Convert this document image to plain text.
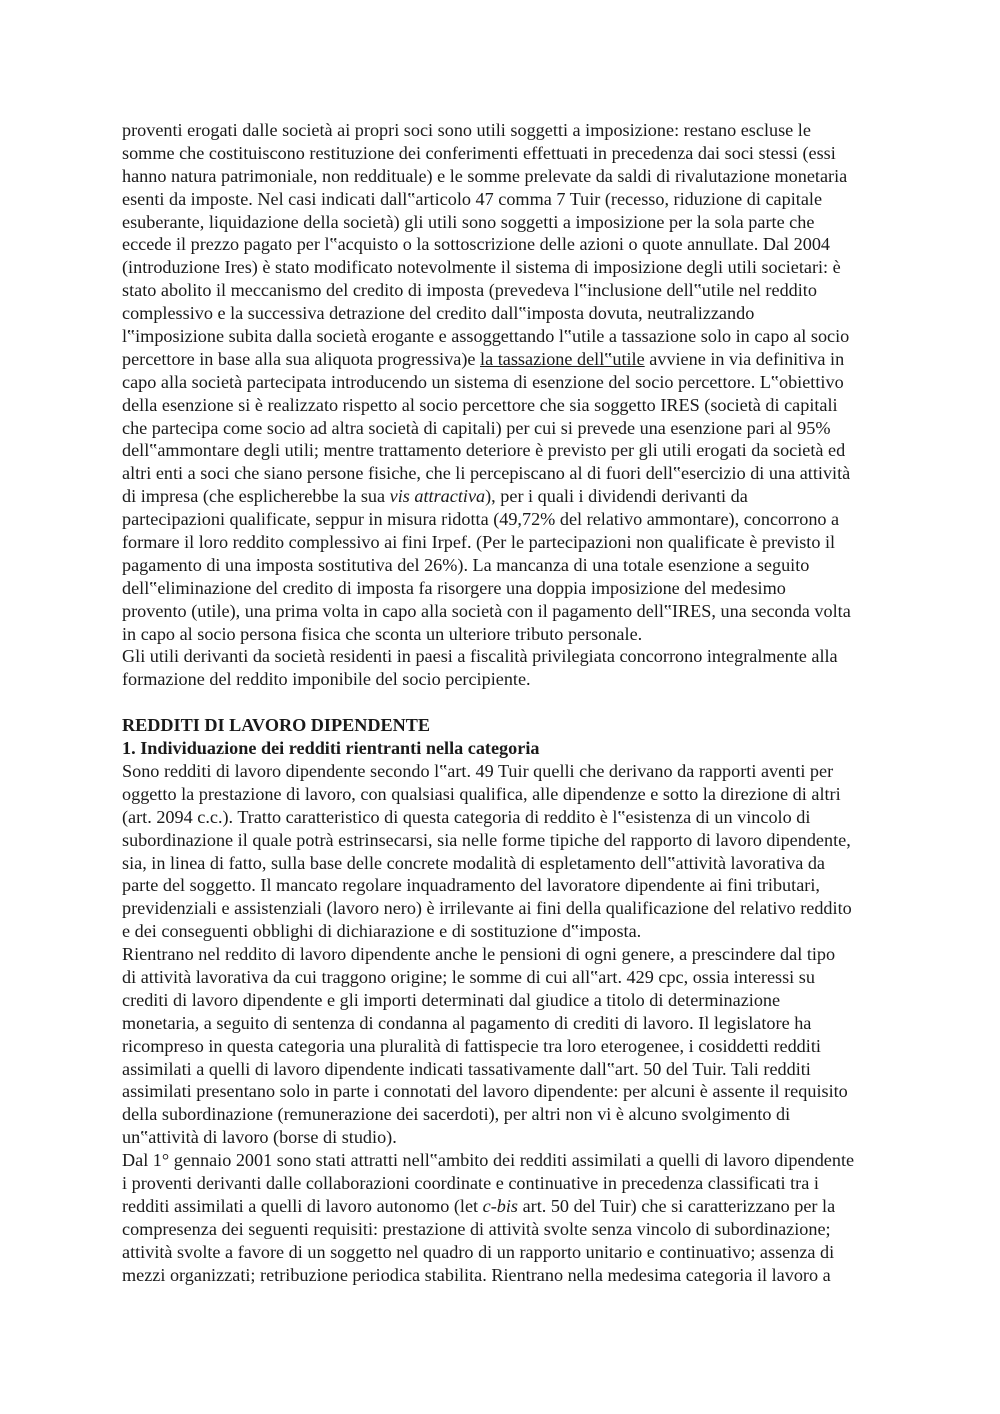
proventi erogati dalle società ai propri soci sono utili soggetti a imposizione: restano escluse le
somme che costituiscono restituzione dei conferimenti effettuati in precedenza dai soci stessi (essi
hanno natura patrimoniale, non reddituale) e le somme prelevate da saldi di rivalutazione monetaria
esenti da imposte. Nel casi indicati dall‟articolo 47 comma 7 Tuir (recesso, riduzione di capitale
esuberante, liquidazione della società) gli utili sono soggetti a imposizione per la sola parte che
eccede il prezzo pagato per l‟acquisto o la sottoscrizione delle azioni o quote annullate. Dal 2004
(introduzione Ires) è stato modificato notevolmente il sistema di imposizione degli utili societari: è
stato abolito il meccanismo del credito di imposta (prevedeva l‟inclusione dell‟utile nel reddito
complessivo e la successiva detrazione del credito dall‟imposta dovuta, neutralizzando
l‟imposizione subita dalla società erogante e assoggettando l‟utile a tassazione solo in capo al socio
percettore in base alla sua aliquota progressiva)e la tassazione dell‟utile avviene in via definitiva in
capo alla società partecipata introducendo un sistema di esenzione del socio percettore. L‟obiettivo
della esenzione si è realizzato rispetto al socio percettore che sia soggetto IRES (società di capitali
che partecipa come socio ad altra società di capitali) per cui si prevede una esenzione pari al 95%
dell‟ammontare degli utili; mentre trattamento deteriore è previsto per gli utili erogati da società ed
altri enti a soci che siano persone fisiche, che li percepiscano al di fuori dell‟esercizio di una attività
di impresa (che esplicherebbe la sua vis attractiva), per i quali i dividendi derivanti da
partecipazioni qualificate, seppur in misura ridotta (49,72% del relativo ammontare), concorrono a
formare il loro reddito complessivo ai fini Irpef. (Per le partecipazioni non qualificate è previsto il
pagamento di una imposta sostitutiva del 26%). La mancanza di una totale esenzione a seguito
dell‟eliminazione del credito di imposta fa risorgere una doppia imposizione del medesimo
provento (utile), una prima volta in capo alla società con il pagamento dell‟IRES, una seconda volta
in capo al socio persona fisica che sconta un ulteriore tributo personale.
Gli utili derivanti da società residenti in paesi a fiscalità privilegiata concorrono integralmente alla
formazione del reddito imponibile del socio percipiente.
REDDITI DI LAVORO DIPENDENTE
1. Individuazione dei redditi rientranti nella categoria
Sono redditi di lavoro dipendente secondo l‟art. 49 Tuir quelli che derivano da rapporti aventi per
oggetto la prestazione di lavoro, con qualsiasi qualifica, alle dipendenze e sotto la direzione di altri
(art. 2094 c.c.). Tratto caratteristico di questa categoria di reddito è l‟esistenza di un vincolo di
subordinazione il quale potrà estrinsecarsi, sia nelle forme tipiche del rapporto di lavoro dipendente,
sia, in linea di fatto, sulla base delle concrete modalità di espletamento dell‟attività lavorativa da
parte del soggetto. Il mancato regolare inquadramento del lavoratore dipendente ai fini tributari,
previdenziali e assistenziali (lavoro nero) è irrilevante ai fini della qualificazione del relativo reddito
e dei conseguenti obblighi di dichiarazione e di sostituzione d‟imposta.
Rientrano nel reddito di lavoro dipendente anche le pensioni di ogni genere, a prescindere dal tipo
di attività lavorativa da cui traggono origine; le somme di cui all‟art. 429 cpc, ossia interessi su
crediti di lavoro dipendente e gli importi determinati dal giudice a titolo di determinazione
monetaria, a seguito di sentenza di condanna al pagamento di crediti di lavoro. Il legislatore ha
ricompreso in questa categoria una pluralità di fattispecie tra loro eterogenee, i cosiddetti redditi
assimilati a quelli di lavoro dipendente indicati tassativamente dall‟art. 50 del Tuir. Tali redditi
assimilati presentano solo in parte i connotati del lavoro dipendente: per alcuni è assente il requisito
della subordinazione (remunerazione dei sacerdoti), per altri non vi è alcuno svolgimento di
un‟attività di lavoro (borse di studio).
Dal 1° gennaio 2001 sono stati attratti nell‟ambito dei redditi assimilati a quelli di lavoro dipendente
i proventi derivanti dalle collaborazioni coordinate e continuative in precedenza classificati tra i
redditi assimilati a quelli di lavoro autonomo (let c-bis art. 50 del Tuir) che si caratterizzano per la
compresenza dei seguenti requisiti: prestazione di attività svolte senza vincolo di subordinazione;
attività svolte a favore di un soggetto nel quadro di un rapporto unitario e continuativo; assenza di
mezzi organizzati; retribuzione periodica stabilita. Rientrano nella medesima categoria il lavoro a
